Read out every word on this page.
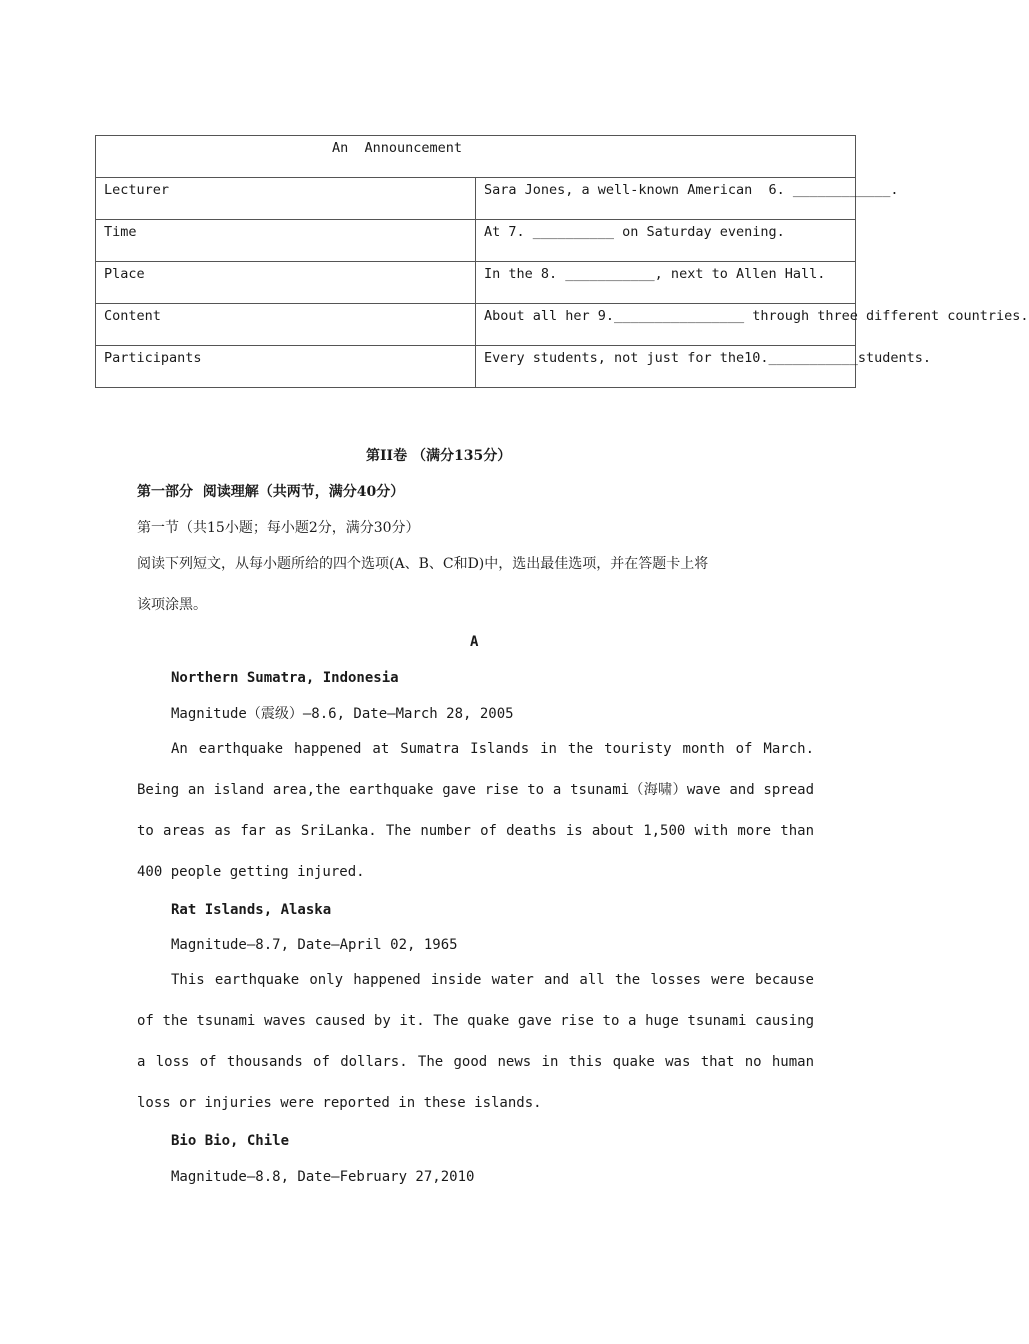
An  Announcement	
Lecturer	Sara Jones, a well-known American  6. ____________.
Time	At 7. __________ on Saturday evening.
Place	In the 8. ___________, next to Allen Hall.
Content	About all her 9.________________ through three different countries.
Participants	Every students, not just for the10.___________students.
第II卷 （满分135分）
第一部分  阅读理解（共两节，满分40分）
第一节（共15小题；每小题2分，满分30分）
阅读下列短文，从每小题所给的四个选项(A、B、C和D)中，选出最佳选项，并在答题卡上将
该项涂黑。
A
Northern Sumatra, Indonesia
Magnitude（震级）—8.6, Date—March 28, 2005

An earthquake happened at Sumatra Islands in the touristy month of March. Being an island area,the earthquake gave rise to a tsunami（海啸）wave and spread to areas as far as SriLanka. The number of deaths is about 1,500 with more than 400 people getting injured.

Rat Islands, Alaska
Magnitude—8.7, Date—April 02, 1965

This earthquake only happened inside water and all the losses were because of the tsunami waves caused by it. The quake gave rise to a huge tsunami causing a loss of thousands of dollars. The good news in this quake was that no human loss or injuries were reported in these islands.

Bio Bio, Chile
Magnitude—8.8, Date—February 27,2010
